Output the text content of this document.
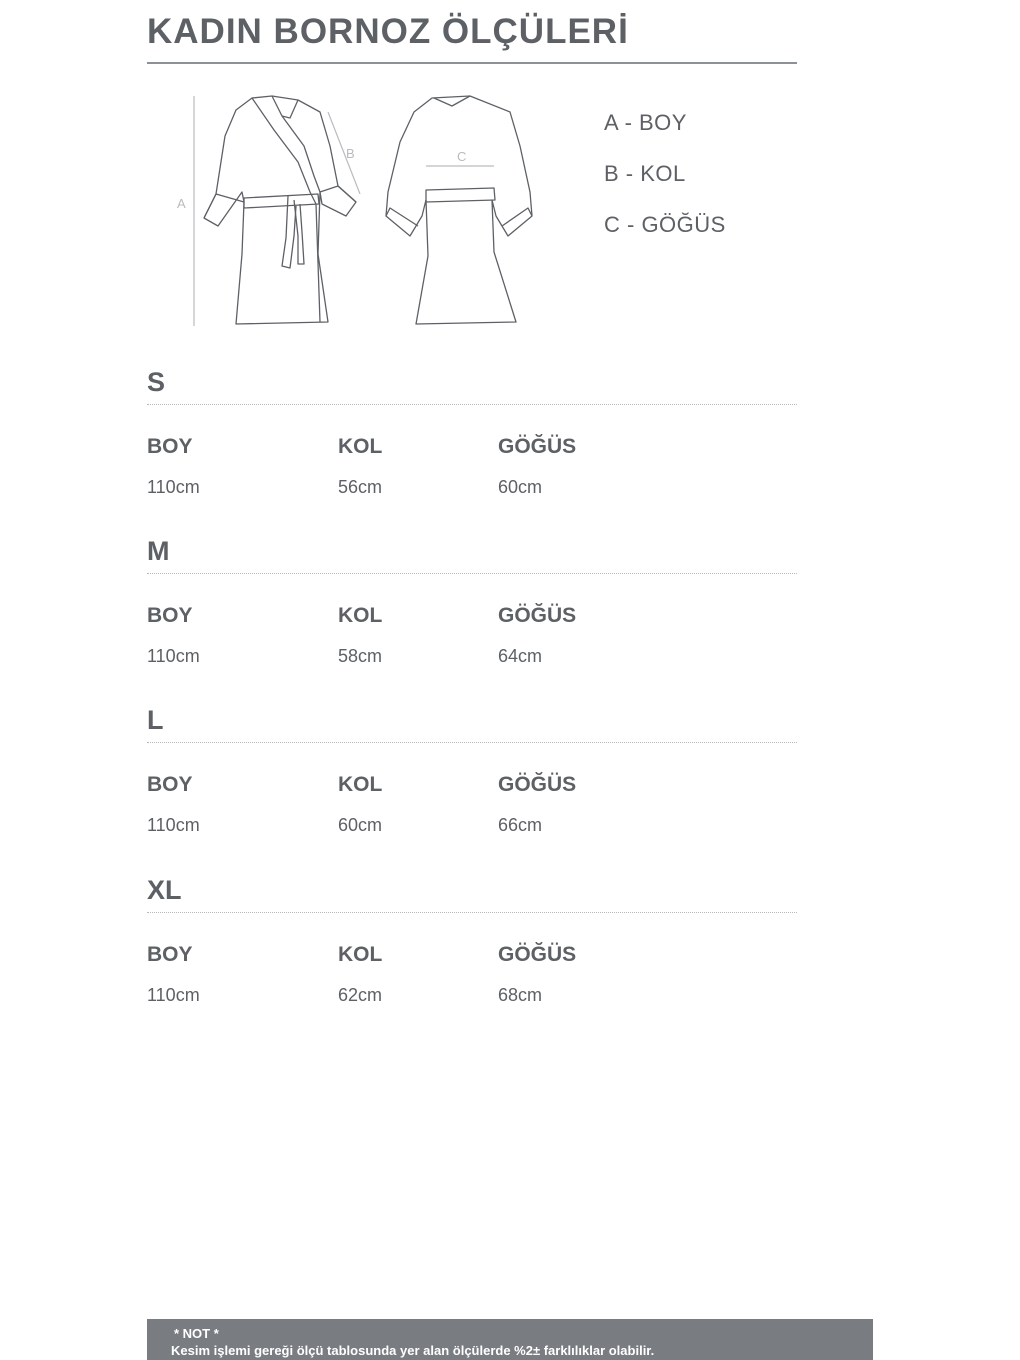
KADIN BORNOZ ÖLÇÜLERİ
A
B	C
A - BOY
B - KOL
C - GÖĞÜS
S
BOY
110cm
KOL
56cm
GÖĞÜS
60cm
M
BOY
110cm
KOL
58cm
GÖĞÜS
64cm
L
BOY
110cm
KOL
60cm
GÖĞÜS
66cm
XL
BOY
110cm
KOL
62cm
GÖĞÜS
68cm
* NOT *
Kesim işlemi gereği ölçü tablosunda yer alan ölçülerde %2± farklılıklar olabilir.
